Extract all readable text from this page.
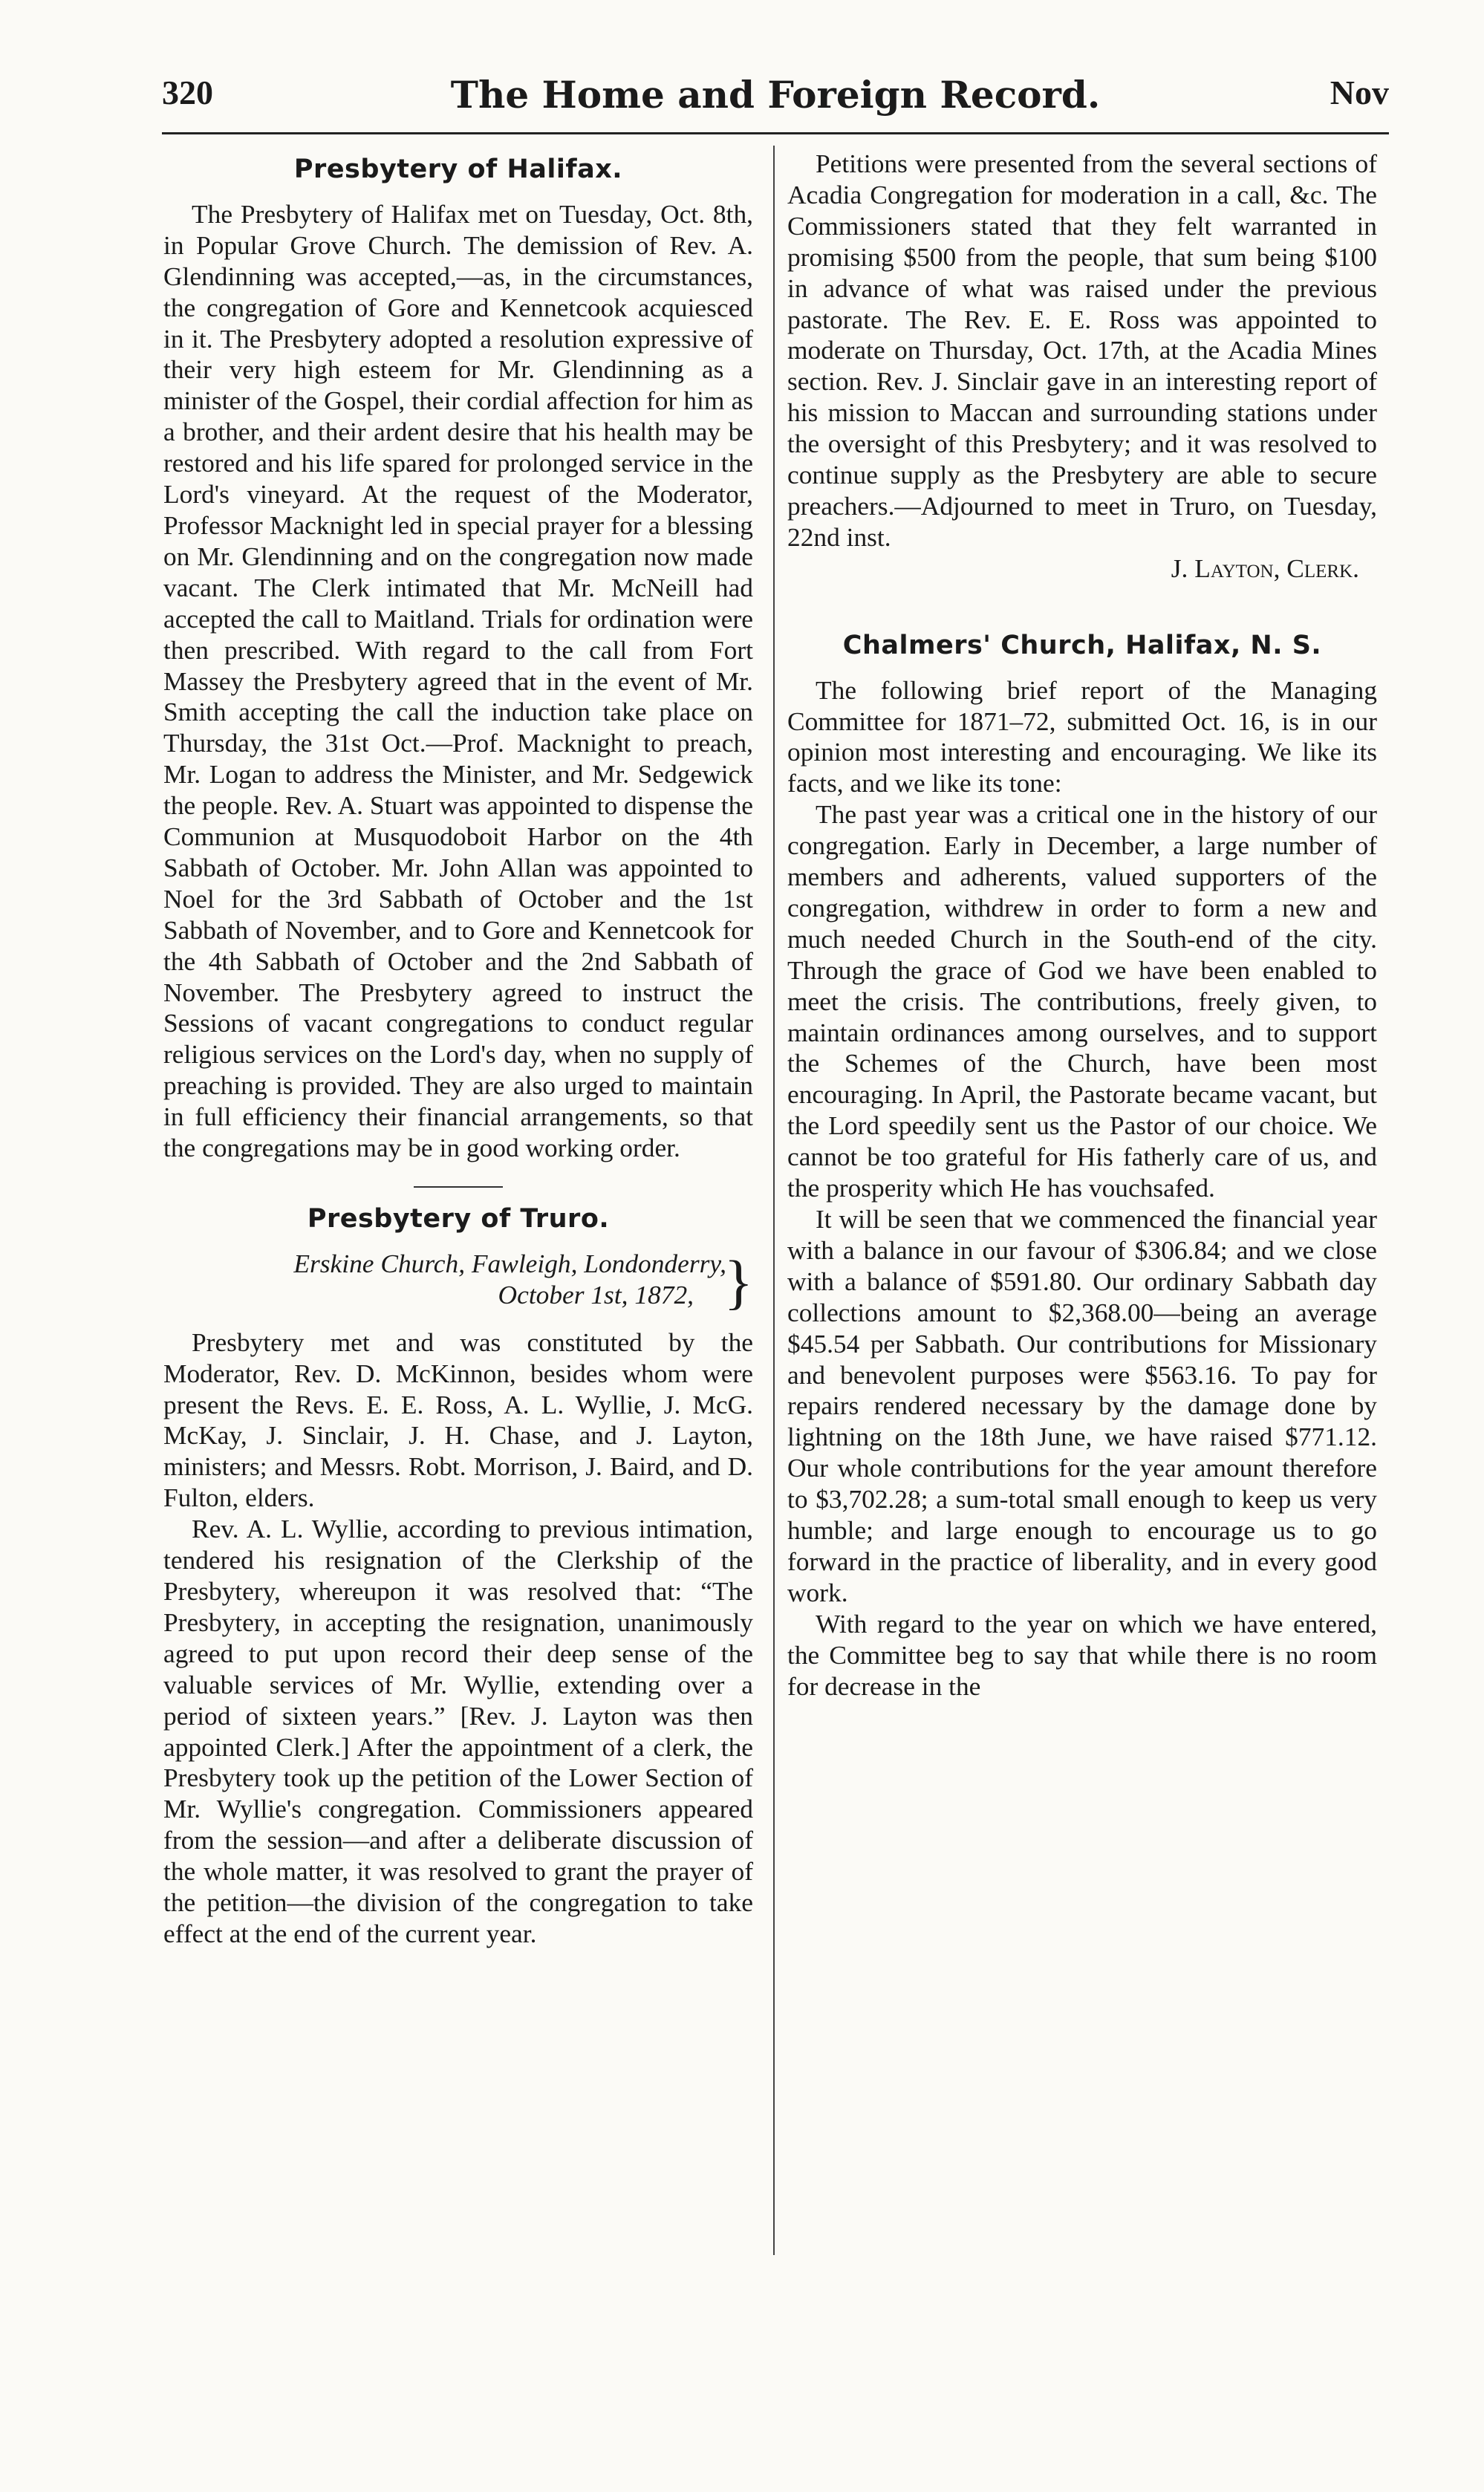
320	The Home and Foreign Record.	Nov
Presbytery of Halifax.

The Presbytery of Halifax met on Tuesday, Oct. 8th, in Popular Grove Church. The demission of Rev. A. Glendinning was accepted,—as, in the circumstances, the congregation of Gore and Kennetcook acquiesced in it. The Presbytery adopted a resolution expressive of their very high esteem for Mr. Glendinning as a minister of the Gospel, their cordial affection for him as a brother, and their ardent desire that his health may be restored and his life spared for prolonged service in the Lord's vineyard. At the request of the Moderator, Professor Macknight led in special prayer for a blessing on Mr. Glendinning and on the congregation now made vacant. The Clerk intimated that Mr. McNeill had accepted the call to Maitland. Trials for ordination were then prescribed. With regard to the call from Fort Massey the Presbytery agreed that in the event of Mr. Smith accepting the call the induction take place on Thursday, the 31st Oct.—Prof. Macknight to preach, Mr. Logan to address the Minister, and Mr. Sedgewick the people. Rev. A. Stuart was appointed to dispense the Communion at Musquodoboit Harbor on the 4th Sabbath of October. Mr. John Allan was appointed to Noel for the 3rd Sabbath of October and the 1st Sabbath of November, and to Gore and Kennetcook for the 4th Sabbath of October and the 2nd Sabbath of November. The Presbytery agreed to instruct the Sessions of vacant congregations to conduct regular religious services on the Lord's day, when no supply of preaching is provided. They are also urged to maintain in full efficiency their financial arrangements, so that the congregations may be in good working order.

Presbytery of Truro.
Erskine Church, Fawleigh, Londonderry,
October 1st, 1872, }

Presbytery met and was constituted by the Moderator, Rev. D. McKinnon, besides whom were present the Revs. E. E. Ross, A. L. Wyllie, J. McG. McKay, J. Sinclair, J. H. Chase, and J. Layton, ministers; and Messrs. Robt. Morrison, J. Baird, and D. Fulton, elders.

Rev. A. L. Wyllie, according to previous intimation, tendered his resignation of the Clerkship of the Presbytery, whereupon it was resolved that: “The Presbytery, in accepting the resignation, unanimously agreed to put upon record their deep sense of the valuable services of Mr. Wyllie, extending over a period of sixteen years.” [Rev. J. Layton was then appointed Clerk.] After the appointment of a clerk, the Presbytery took up the petition of the Lower Section of Mr. Wyllie's congregation. Commissioners appeared from the session—and after a deliberate discussion of the whole matter, it was resolved to grant the prayer of the petition—the division of the congregation to take effect at the end of the current year.

Petitions were presented from the several sections of Acadia Congregation for moderation in a call, &c. The Commissioners stated that they felt warranted in promising $500 from the people, that sum being $100 in advance of what was raised under the previous pastorate. The Rev. E. E. Ross was appointed to moderate on Thursday, Oct. 17th, at the Acadia Mines section. Rev. J. Sinclair gave in an interesting report of his mission to Maccan and surrounding stations under the oversight of this Presbytery; and it was resolved to continue supply as the Presbytery are able to secure preachers.—Adjourned to meet in Truro, on Tuesday, 22nd inst.

J. Layton, Clerk.
Chalmers' Church, Halifax, N. S.

The following brief report of the Managing Committee for 1871–72, submitted Oct. 16, is in our opinion most interesting and encouraging. We like its facts, and we like its tone:

The past year was a critical one in the history of our congregation. Early in December, a large number of members and adherents, valued supporters of the congregation, withdrew in order to form a new and much needed Church in the South-end of the city. Through the grace of God we have been enabled to meet the crisis. The contributions, freely given, to maintain ordinances among ourselves, and to support the Schemes of the Church, have been most encouraging. In April, the Pastorate became vacant, but the Lord speedily sent us the Pastor of our choice. We cannot be too grateful for His fatherly care of us, and the prosperity which He has vouchsafed.

It will be seen that we commenced the financial year with a balance in our favour of $306.84; and we close with a balance of $591.80. Our ordinary Sabbath day collections amount to $2,368.00—being an average $45.54 per Sabbath. Our contributions for Missionary and benevolent purposes were $563.16. To pay for repairs rendered necessary by the damage done by lightning on the 18th June, we have raised $771.12. Our whole contributions for the year amount therefore to $3,702.28; a sum-total small enough to keep us very humble; and large enough to encourage us to go forward in the practice of liberality, and in every good work.

With regard to the year on which we have entered, the Committee beg to say that while there is no room for decrease in the
